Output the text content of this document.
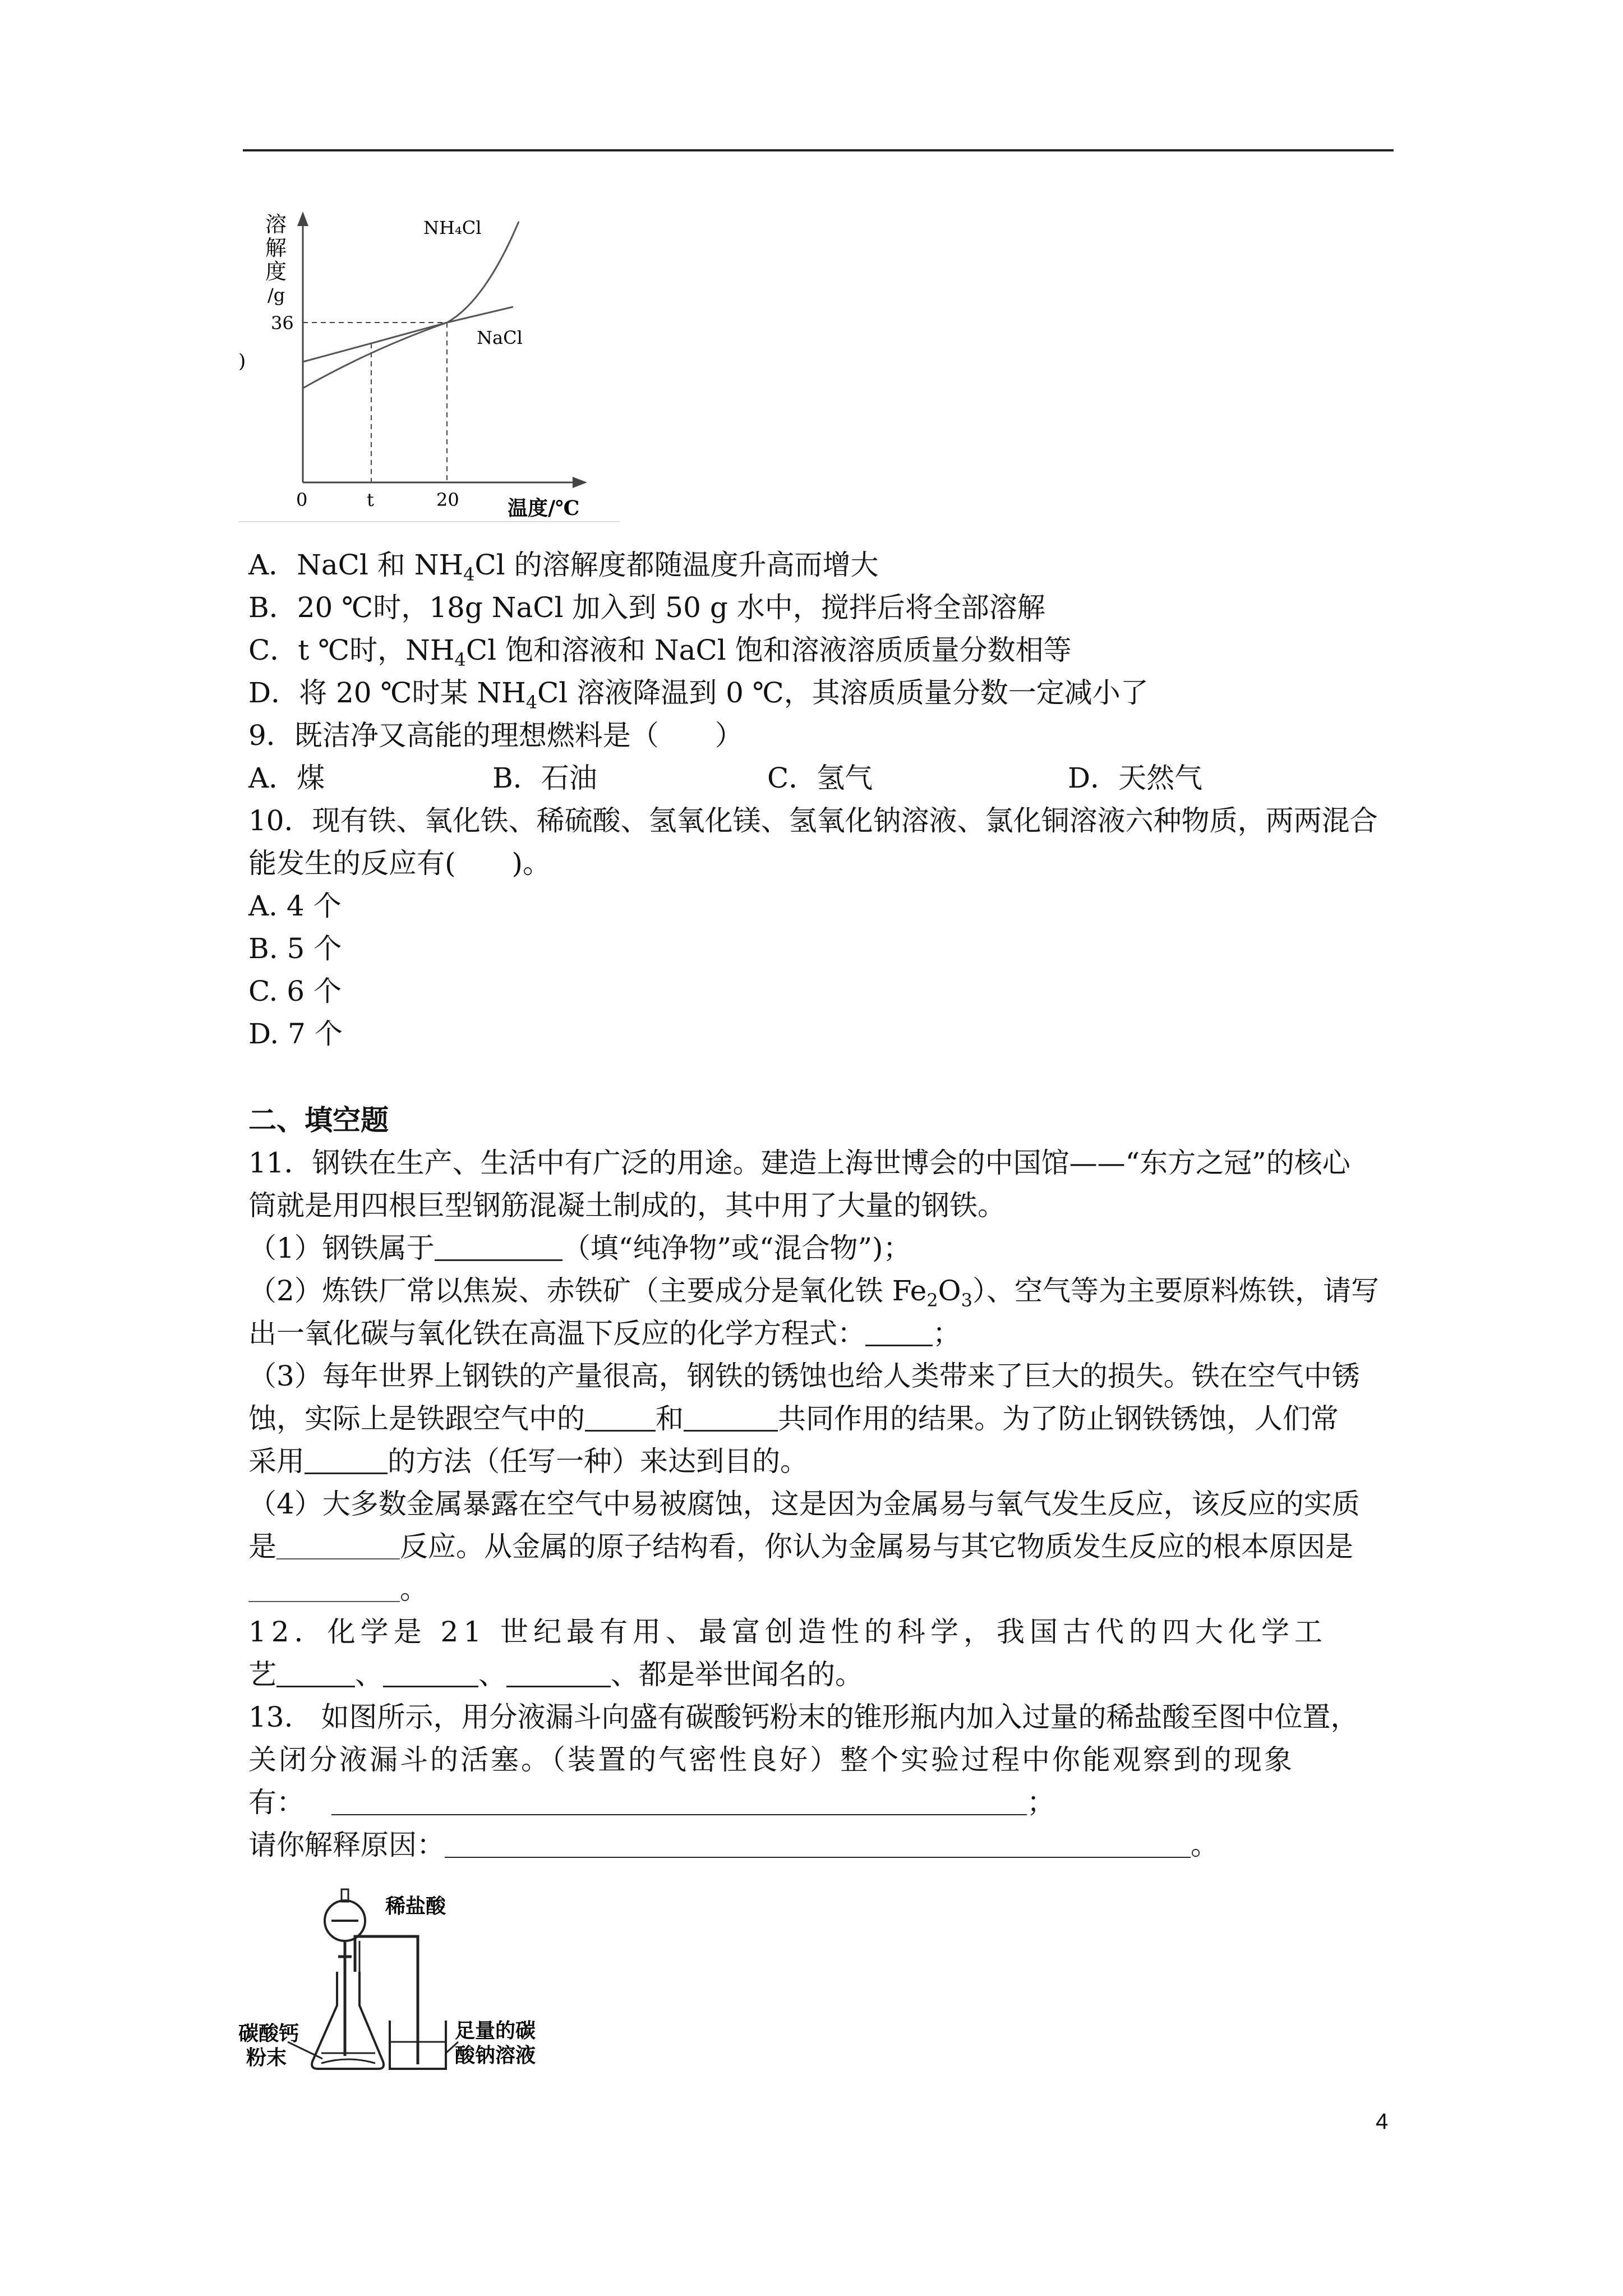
溶
解
度
/g
36
)
NH₄Cl
NaCl
0	t	20 温度/℃
A．NaCl 和 $NH_4Cl$ 的溶解度都随温度升高而增大
B．20 ℃时，18g NaCl 加入到 50 g 水中，搅拌后将全部溶解
C．t ℃时，$NH_4Cl$ 饱和溶液和 NaCl 饱和溶液溶质质量分数相等
D．将 20 ℃时某 $NH_4Cl$ 溶液降温到 0 ℃，其溶质质量分数一定减小了
9．既洁净又高能的理想燃料是（　　）
A．煤	B．石油	C．氢气	D．天然气
10．现有铁、氧化铁、稀硫酸、氢氧化镁、氢氧化钠溶液、氯化铜溶液六种物质，两两混合
能发生的反应有(　　)。
A. 4 个
B. 5 个
C. 6 个
D. 7 个
二、填空题
11．钢铁在生产、生活中有广泛的用途。建造上海世博会的中国馆——“东方之冠”的核心
筒就是用四根巨型钢筋混凝土制成的，其中用了大量的钢铁。
（1）钢铁属于	（填“纯净物”或“混合物”)；
（2）炼铁厂常以焦炭、赤铁矿（主要成分是氧化铁 $Fe_2O_3$）、空气等为主要原料炼铁，请写
出一氧化碳与氧化铁在高温下反应的化学方程式： ；
（3）每年世界上钢铁的产量很高，钢铁的锈蚀也给人类带来了巨大的损失。铁在空气中锈
蚀，实际上是铁跟空气中的	和	共同作用的结果。为了防止钢铁锈蚀，人们常
采用	的方法（任写一种）来达到目的。
（4）大多数金属暴露在空气中易被腐蚀，这是因为金属易与氧气发生反应，该反应的实质
是	反应。从金属的原子结构看，你认为金属易与其它物质发生反应的根本原因是
。
12．化学是 21 世纪最有用、最富创造性的科学，我国古代的四大化学工
艺	、	、	、都是举世闻名的。
13.　如图所示，用分液漏斗向盛有碳酸钙粉末的锥形瓶内加入过量的稀盐酸至图中位置，
关闭分液漏斗的活塞。（装置的气密性良好）整个实验过程中你能观察到的现象
有：	；
请你解释原因：	。
稀盐酸
碳酸钙
粉末
足量的碳
酸钠溶液
4
